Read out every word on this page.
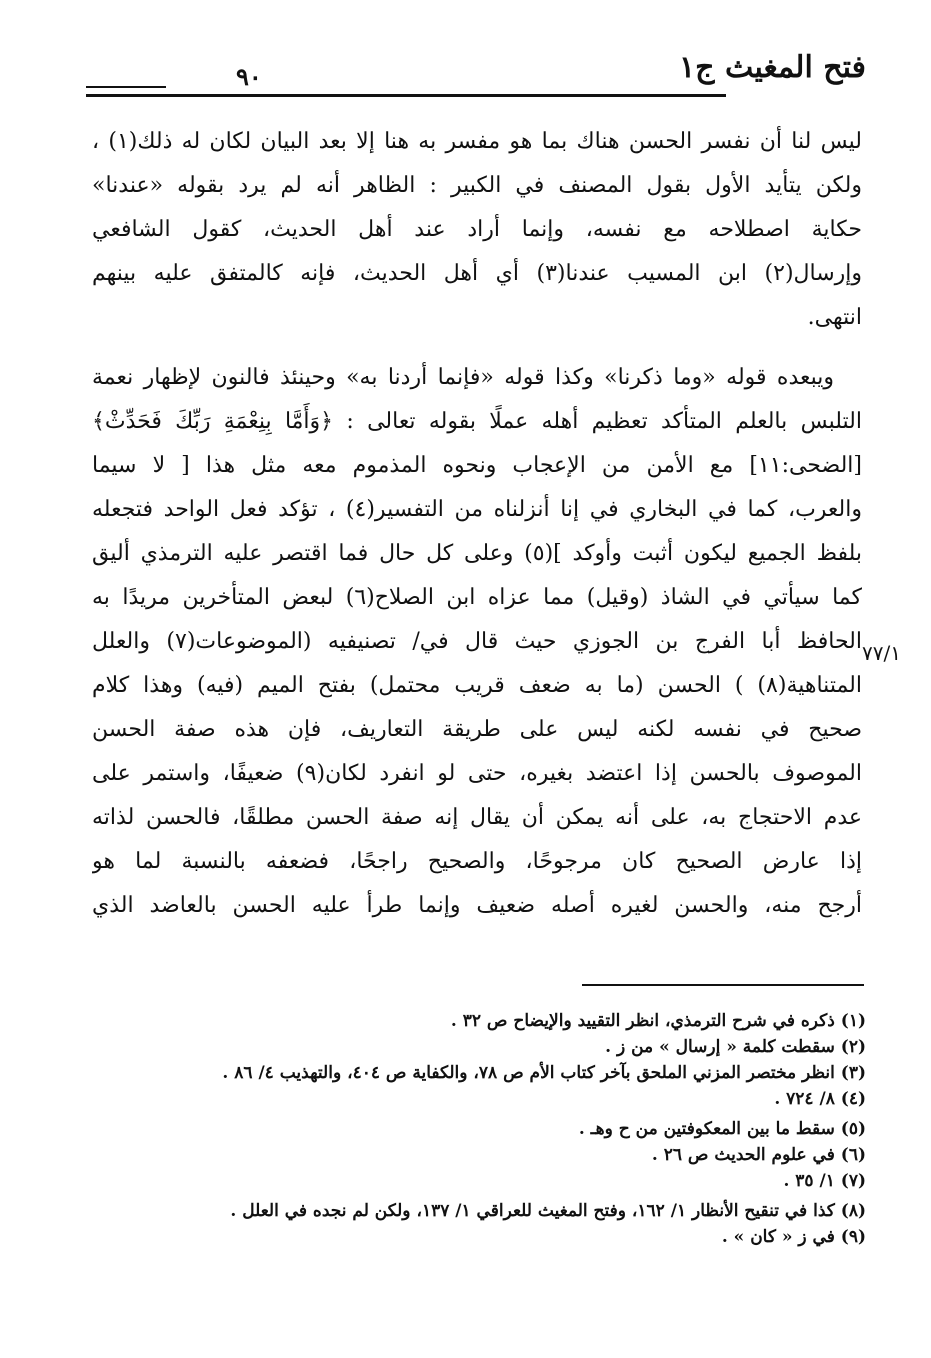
فتح المغيث ج١
٩٠
ليس لنا أن نفسر الحسن هناك بما هو مفسر به هنا إلا بعد البيان لكان له ذلك(١) ،
ولكن يتأيد الأول بقول المصنف في الكبير : الظاهر أنه لم يرد بقوله «عندنا»
حكاية اصطلاحه مع نفسه، وإنما أراد عند أهل الحديث، كقول الشافعي
وإرسال(٢) ابن المسيب عندنا(٣) أي أهل الحديث، فإنه كالمتفق عليه بينهم
انتهى.
ويبعده قوله «وما ذكرنا» وكذا قوله «فإنما أردنا به» وحينئذ فالنون لإظهار نعمة
التلبس بالعلم المتأكد تعظيم أهله عملًا بقوله تعالى : ﴿وَأَمَّا بِنِعْمَةِ رَبِّكَ فَحَدِّثْ﴾
[الضحى:١١] مع الأمن من الإعجاب ونحوه المذموم معه مثل هذا [ لا سيما
والعرب، كما في البخاري في إنا أنزلناه من التفسير(٤) ، تؤكد فعل الواحد فتجعله
بلفظ الجميع ليكون أثبت وأوكد ](٥) وعلى كل حال فما اقتصر عليه الترمذي أليق
كما سيأتي في الشاذ (وقيل) مما عزاه ابن الصلاح(٦) لبعض المتأخرين مريدًا به
الحافظ أبا الفرج بن الجوزي حيث قال في/ تصنيفيه (الموضوعات(٧) والعلل
المتناهية(٨) ) الحسن (ما به ضعف قريب محتمل) بفتح الميم (فيه) وهذا كلام
صحيح في نفسه لكنه ليس على طريقة التعاريف، فإن هذه صفة الحسن
الموصوف بالحسن إذا اعتضد بغيره، حتى لو انفرد لكان(٩) ضعيفًا، واستمر على
عدم الاحتجاج به، على أنه يمكن أن يقال إنه صفة الحسن مطلقًا، فالحسن لذاته
إذا عارض الصحيح كان مرجوحًا، والصحيح راجحًا، فضعفه بالنسبة لما هو
أرجح منه، والحسن لغيره أصله ضعيف وإنما طرأ عليه الحسن بالعاضد الذي
٧٧/١
(١) ذكره في شرح الترمذي، انظر التقييد والإيضاح ص ٣٢ .
(٢) سقطت كلمة « إرسال » من ز .
(٣) انظر مختصر المزني الملحق بآخر كتاب الأم ص ٧٨، والكفاية ص ٤٠٤، والتهذيب ٤/ ٨٦ .
(٤) ٨/ ٧٢٤ .
(٥) سقط ما بين المعكوفتين من ح وهـ .
(٦) في علوم الحديث ص ٢٦ .
(٧) ١/ ٣٥ .
(٨) كذا في تنقيح الأنظار ١/ ١٦٢، وفتح المغيث للعراقي ١/ ١٣٧، ولكن لم نجده في العلل .
(٩) في ز « كان » .
